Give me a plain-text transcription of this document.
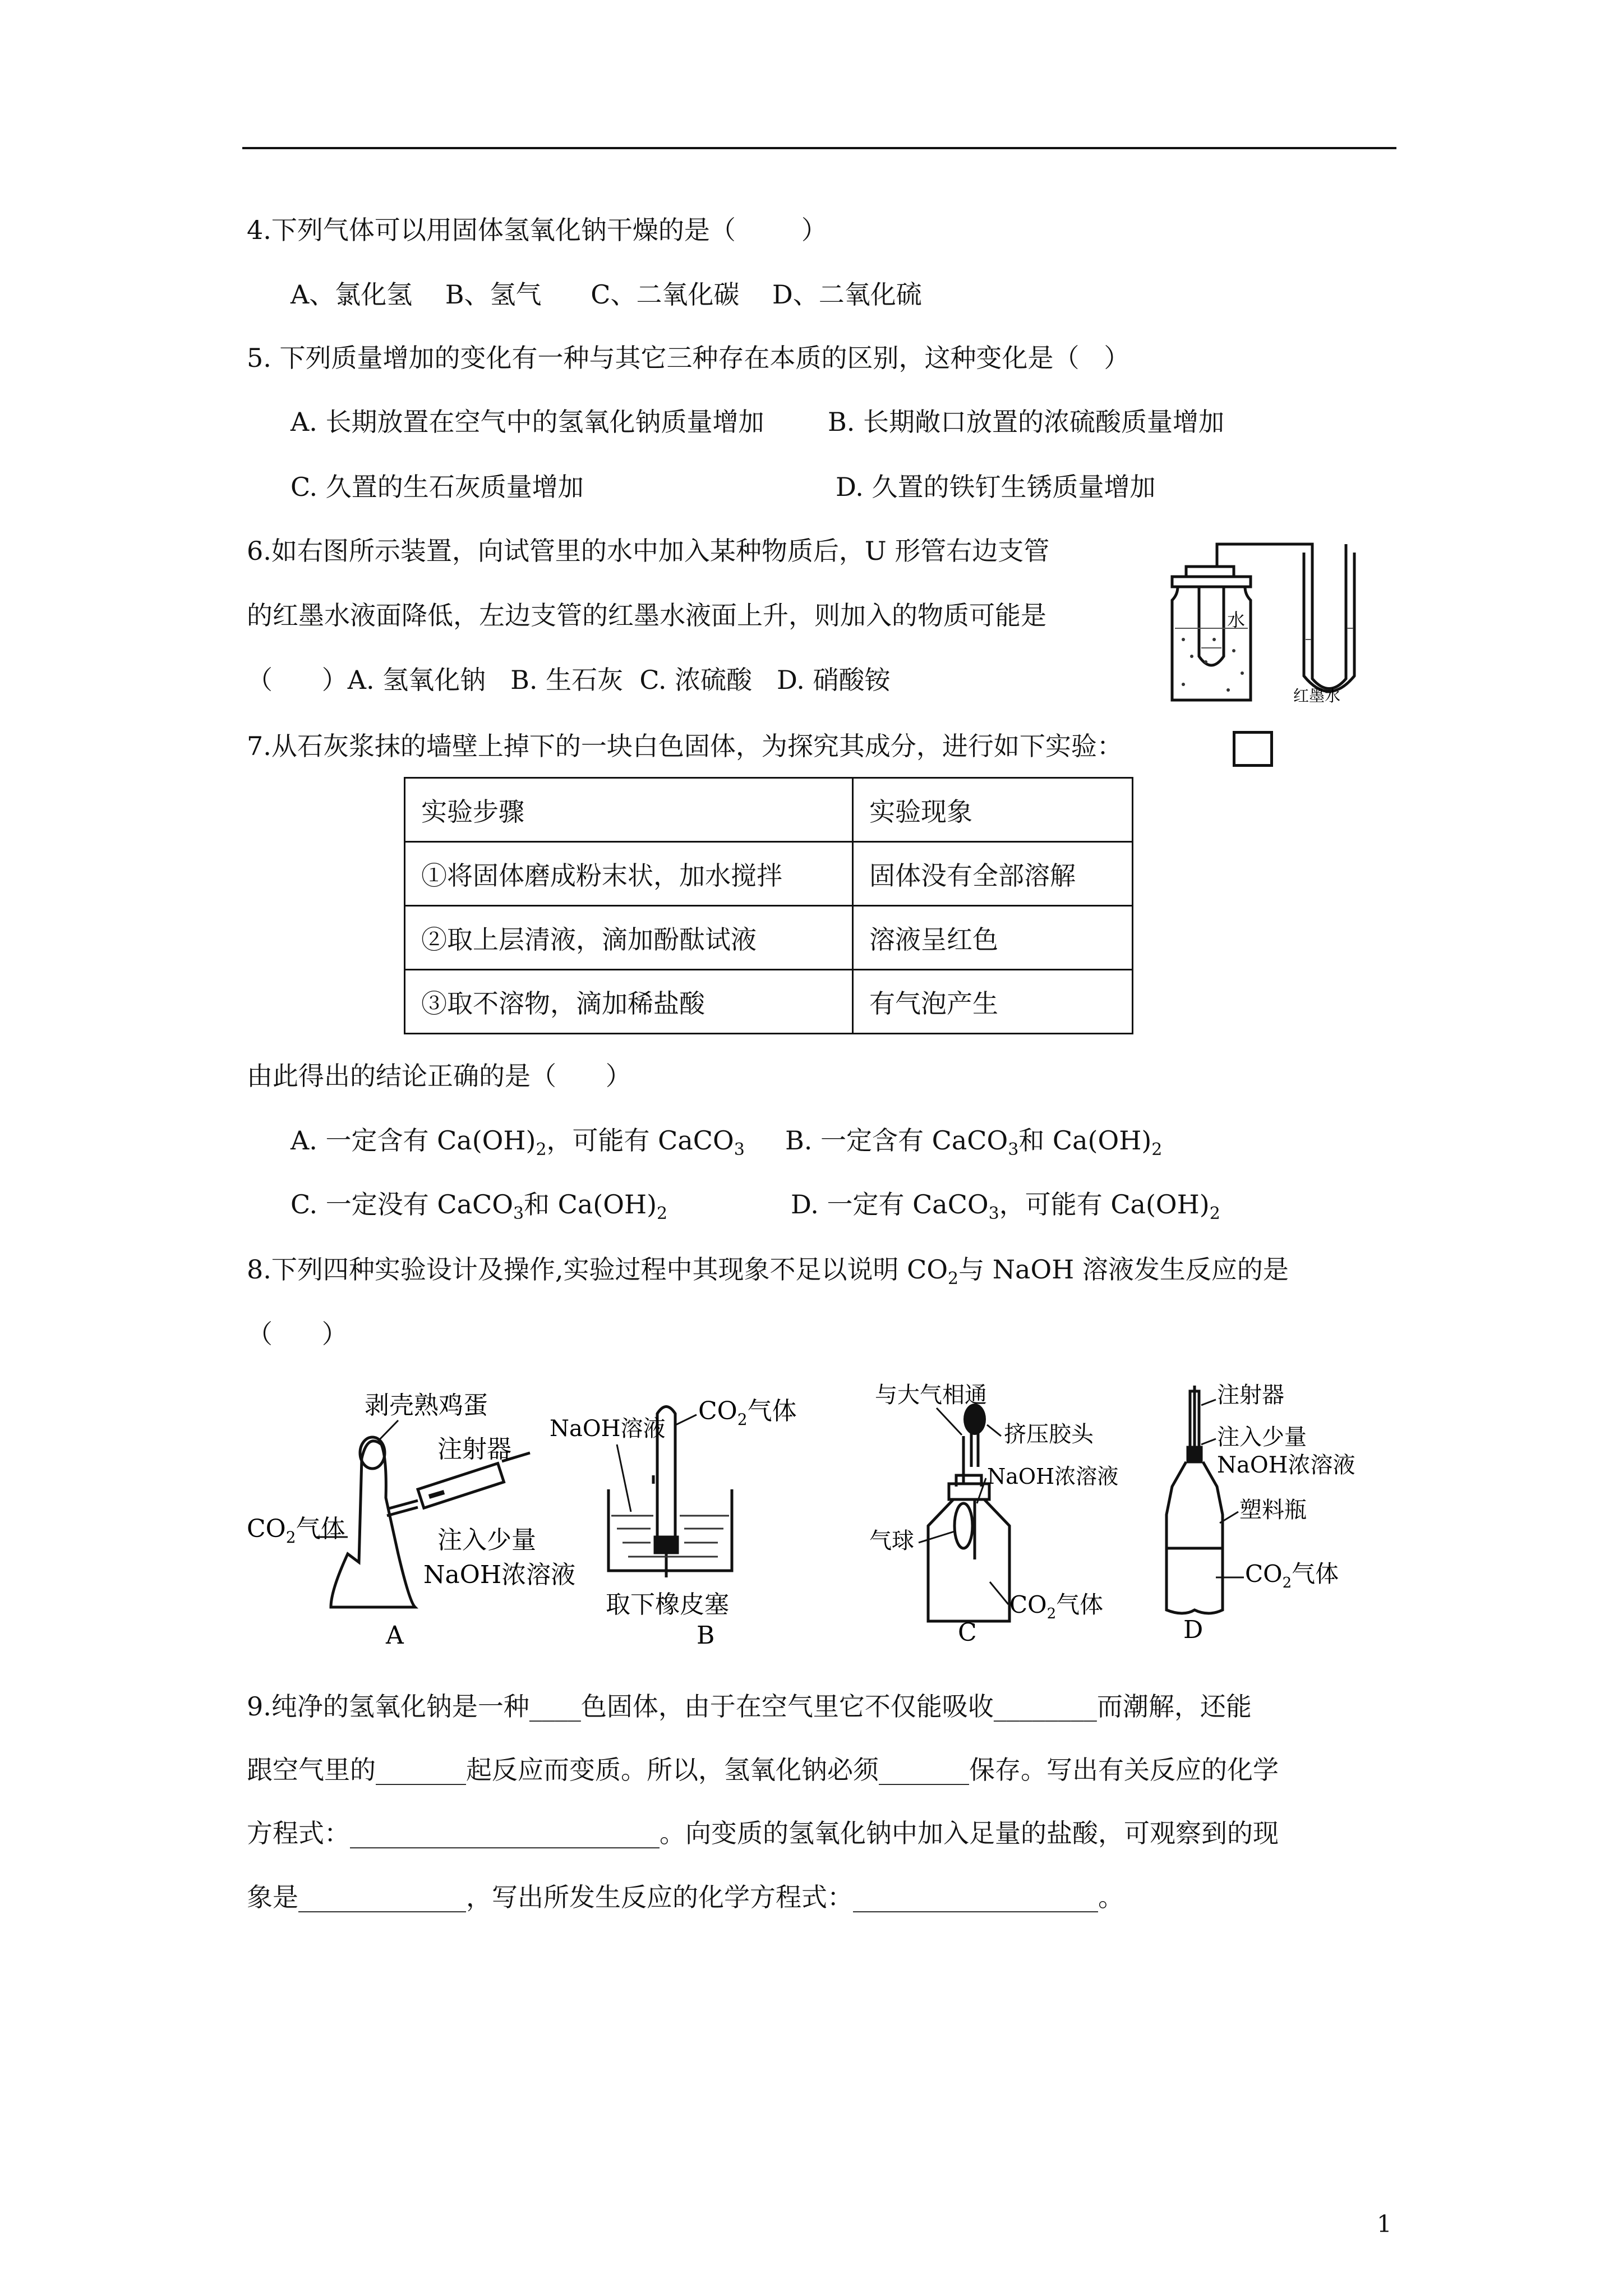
4.下列气体可以用固体氢氧化钠干燥的是（        ）
A、氯化氢    B、氢气      C、二氧化碳    D、二氧化硫
5. 下列质量增加的变化有一种与其它三种存在本质的区别，这种变化是（   ）
A. 长期放置在空气中的氢氧化钠质量增加 B. 长期敞口放置的浓硫酸质量增加
C. 久置的生石灰质量增加	D. 久置的铁钉生锈质量增加
6.如右图所示装置，向试管里的水中加入某种物质后，U 形管右边支管
的红墨水液面降低，左边支管的红墨水液面上升，则加入的物质可能是
（      ）A. 氢氧化钠   B. 生石灰  C. 浓硫酸   D. 硝酸铵
水
红墨水
7.从石灰浆抹的墙壁上掉下的一块白色固体，为探究其成分，进行如下实验：
实验步骤	实验现象
①将固体磨成粉末状，加水搅拌	固体没有全部溶解
②取上层清液，滴加酚酞试液	溶液呈红色
③取不溶物，滴加稀盐酸	有气泡产生
由此得出的结论正确的是（      ）
A. 一定含有 $Ca(OH)_2$，可能有 CaCO$_3$ B. 一定含有 CaCO$_3$和 $Ca(OH)_2$
C. 一定没有 CaCO$_3$和 $Ca(OH)_2$	D. 一定有 CaCO$_3$，可能有 $Ca(OH)_2$
8.下列四种实验设计及操作,实验过程中其现象不足以说明 $CO_2$与 NaOH 溶液发生反应的是
（      ）
剥壳熟鸡蛋
注射器
$CO_2$气体	注入少量
NaOH浓溶液
A
NaOH溶液
$CO_2$气体
取下橡皮塞
B
与大气相通
挤压胶头
NaOH浓溶液
气球
$CO_2$气体
C
注射器
注入少量
NaOH浓溶液
塑料瓶
$CO_2$气体
D
9.纯净的氢氧化钠是一种____色固体，由于在空气里它不仅能吸收________而潮解，还能
跟空气里的_______起反应而变质。所以，氢氧化钠必须_______保存。写出有关反应的化学
方程式：________________________。向变质的氢氧化钠中加入足量的盐酸，可观察到的现
象是_____________，写出所发生反应的化学方程式：___________________。
1
